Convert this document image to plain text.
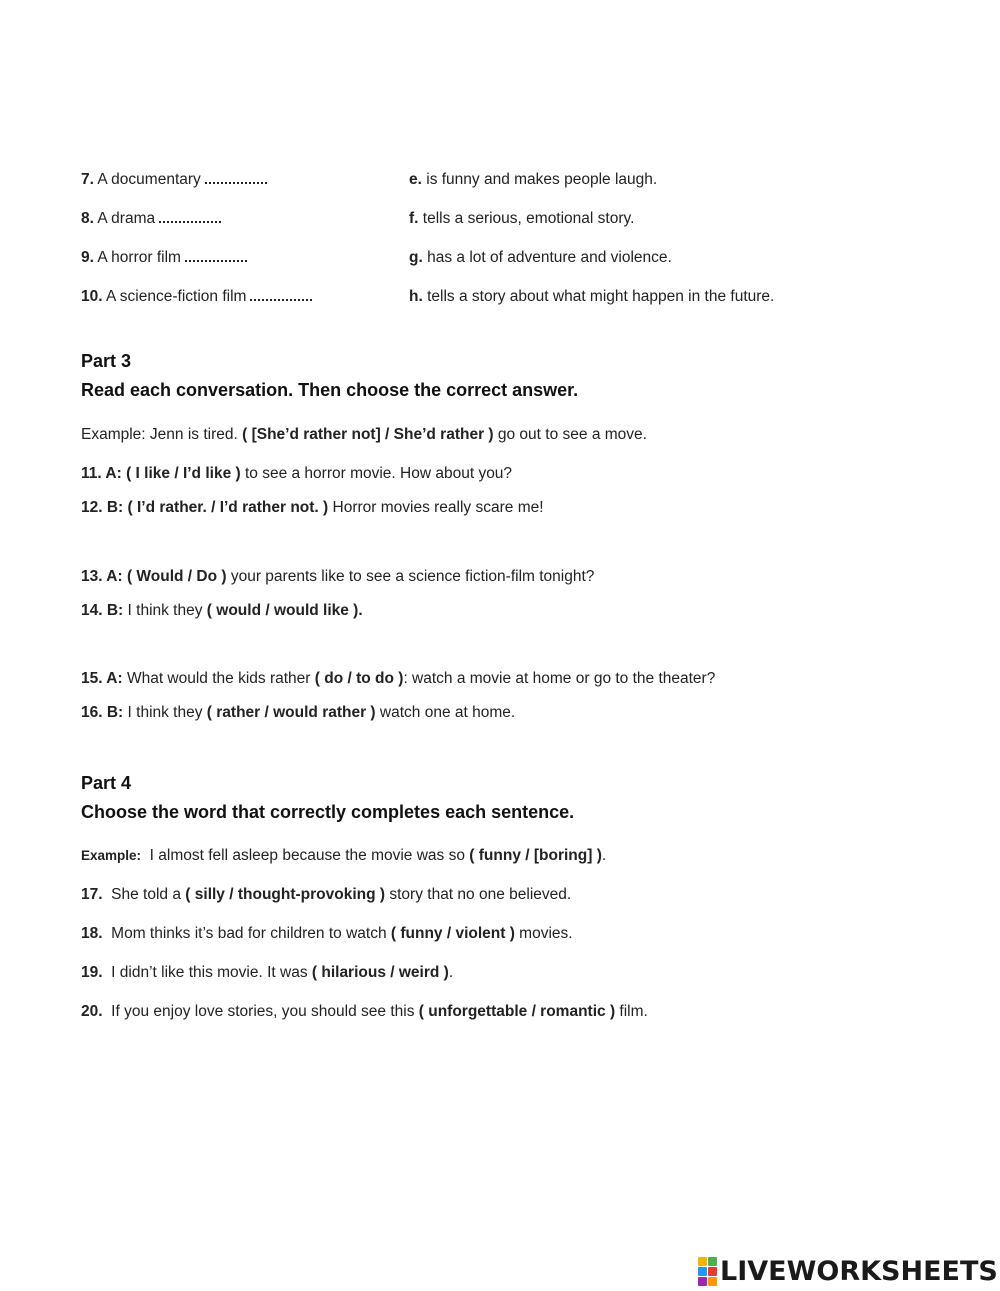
7. A documentary	e. is funny and makes people laugh.
8. A drama	f. tells a serious, emotional story.
9. A horror film	g. has a lot of adventure and violence.
10. A science-fiction film	h. tells a story about what might happen in the future.
Part 3
Read each conversation. Then choose the correct answer.
Example: Jenn is tired. ( [She’d rather not] / She’d rather ) go out to see a move.
11. A: ( I like / I’d like ) to see a horror movie. How about you?
12. B: ( I’d rather. / I’d rather not. ) Horror movies really scare me!
13. A: ( Would / Do ) your parents like to see a science fiction-film tonight?
14. B: I think they ( would / would like ).
15. A: What would the kids rather ( do / to do ): watch a movie at home or go to the theater?
16. B: I think they ( rather / would rather ) watch one at home.
Part 4
Choose the word that correctly completes each sentence.
Example:  I almost fell asleep because the movie was so ( funny / [boring] ).
17.  She told a ( silly / thought-provoking ) story that no one believed.
18.  Mom thinks it’s bad for children to watch ( funny / violent ) movies.
19.  I didn’t like this movie. It was ( hilarious / weird ).
20.  If you enjoy love stories, you should see this ( unforgettable / romantic ) film.
LIVEWORKSHEETS
